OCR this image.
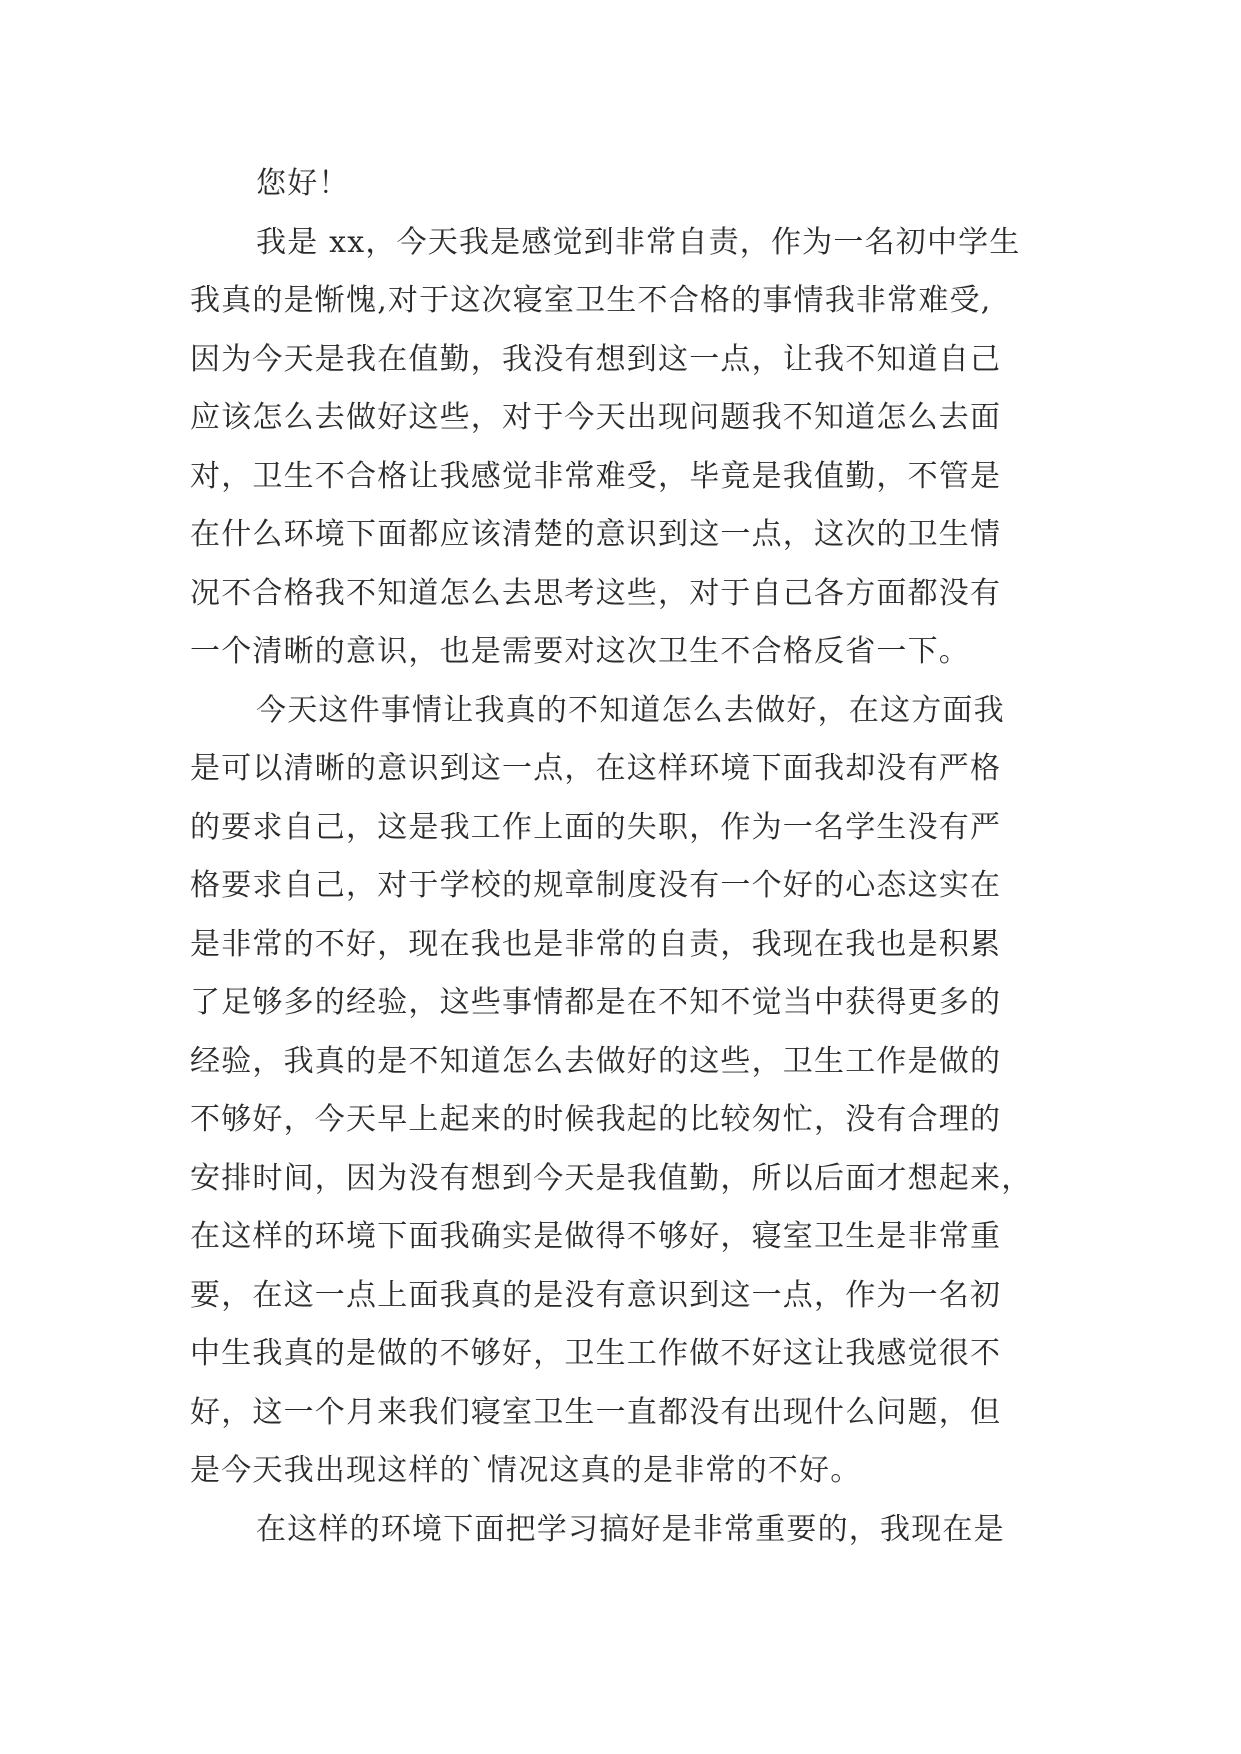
您好！
我是 xx，今天我是感觉到非常自责，作为一名初中学生
我真的是惭愧,对于这次寝室卫生不合格的事情我非常难受,
因为今天是我在值勤，我没有想到这一点，让我不知道自己
应该怎么去做好这些，对于今天出现问题我不知道怎么去面
对，卫生不合格让我感觉非常难受，毕竟是我值勤，不管是
在什么环境下面都应该清楚的意识到这一点，这次的卫生情
况不合格我不知道怎么去思考这些，对于自己各方面都没有
一个清晰的意识，也是需要对这次卫生不合格反省一下。
今天这件事情让我真的不知道怎么去做好，在这方面我
是可以清晰的意识到这一点，在这样环境下面我却没有严格
的要求自己，这是我工作上面的失职，作为一名学生没有严
格要求自己，对于学校的规章制度没有一个好的心态这实在
是非常的不好，现在我也是非常的自责，我现在我也是积累
了足够多的经验，这些事情都是在不知不觉当中获得更多的
经验，我真的是不知道怎么去做好的这些，卫生工作是做的
不够好，今天早上起来的时候我起的比较匆忙，没有合理的
安排时间，因为没有想到今天是我值勤，所以后面才想起来，
在这样的环境下面我确实是做得不够好，寝室卫生是非常重
要，在这一点上面我真的是没有意识到这一点，作为一名初
中生我真的是做的不够好，卫生工作做不好这让我感觉很不
好，这一个月来我们寝室卫生一直都没有出现什么问题，但
是今天我出现这样的`情况这真的是非常的不好。
在这样的环境下面把学习搞好是非常重要的，我现在是
